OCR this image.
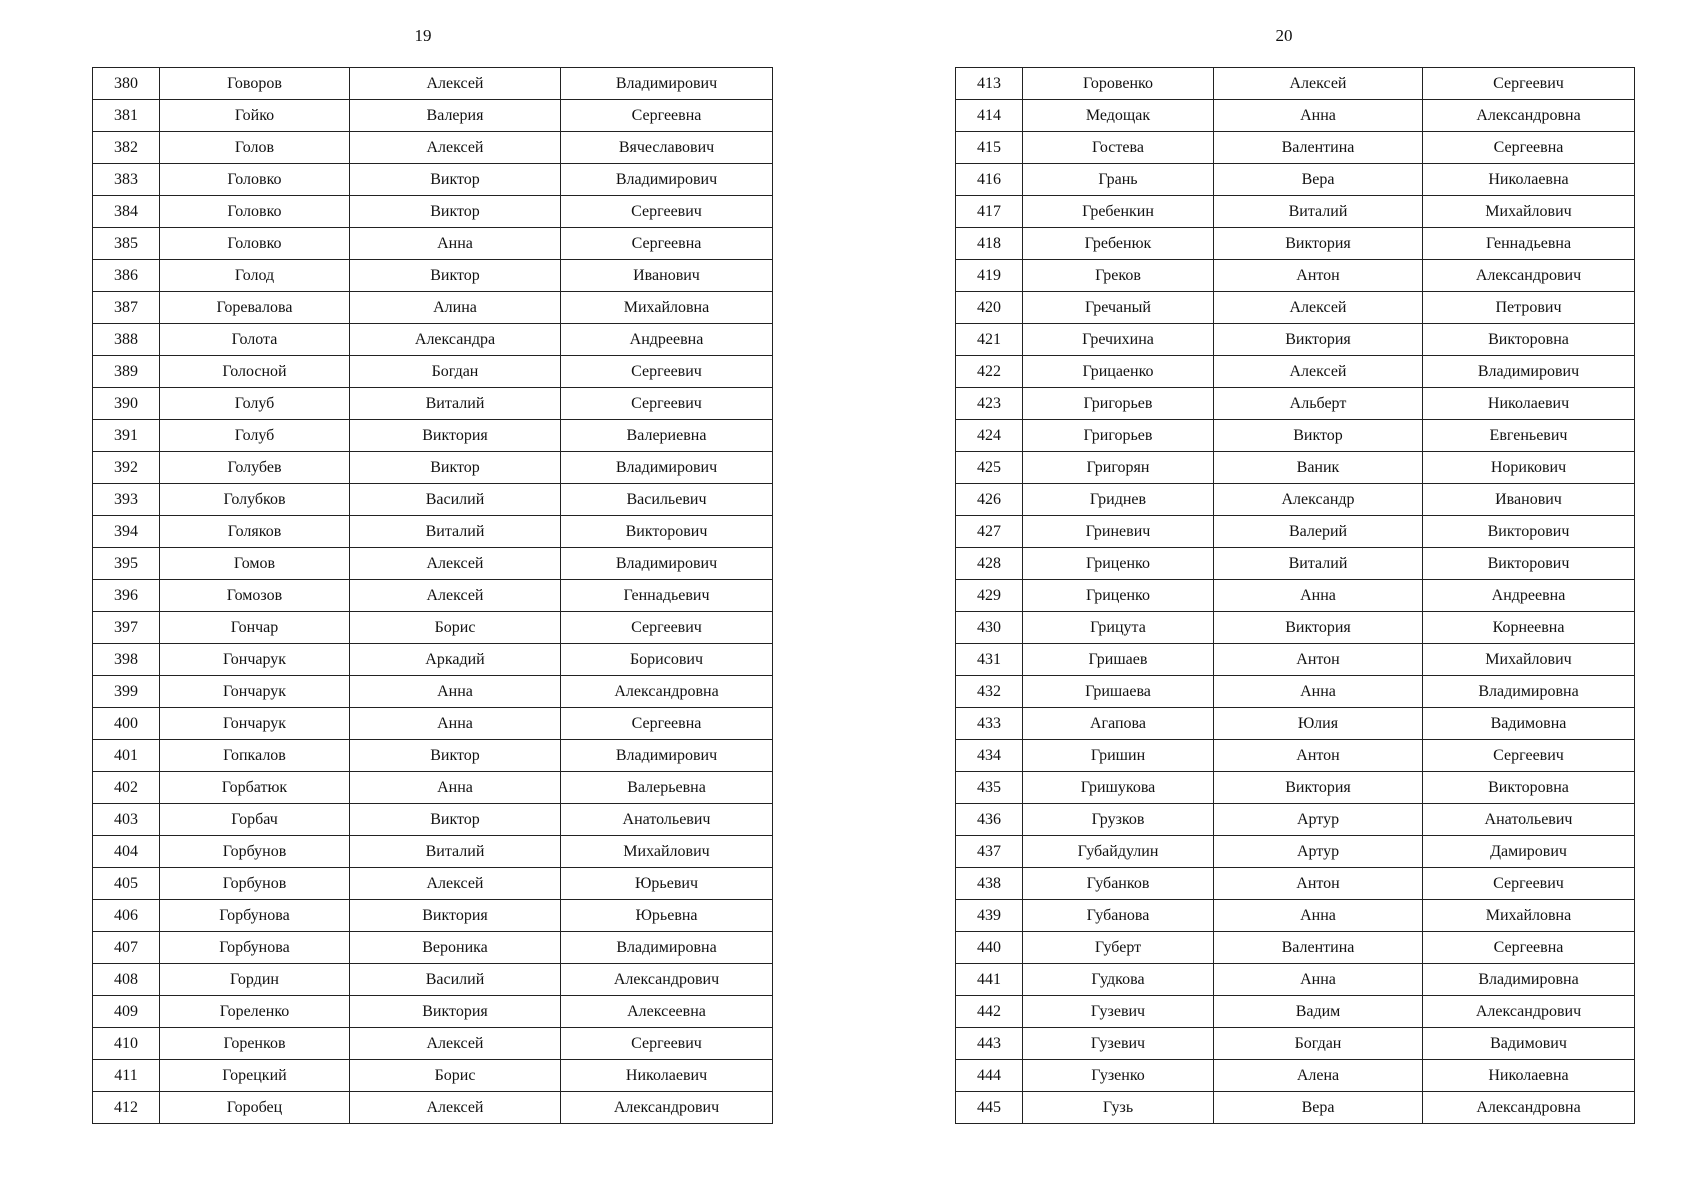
19
380	Говоров	Алексей	Владимирович
381	Гойко	Валерия	Сергеевна
382	Голов	Алексей	Вячеславович
383	Головко	Виктор	Владимирович
384	Головко	Виктор	Сергеевич
385	Головко	Анна	Сергеевна
386	Голод	Виктор	Иванович
387	Горевалова	Алина	Михайловна
388	Голота	Александра	Андреевна
389	Голосной	Богдан	Сергеевич
390	Голуб	Виталий	Сергеевич
391	Голуб	Виктория	Валериевна
392	Голубев	Виктор	Владимирович
393	Голубков	Василий	Васильевич
394	Голяков	Виталий	Викторович
395	Гомов	Алексей	Владимирович
396	Гомозов	Алексей	Геннадьевич
397	Гончар	Борис	Сергеевич
398	Гончарук	Аркадий	Борисович
399	Гончарук	Анна	Александровна
400	Гончарук	Анна	Сергеевна
401	Гопкалов	Виктор	Владимирович
402	Горбатюк	Анна	Валерьевна
403	Горбач	Виктор	Анатольевич
404	Горбунов	Виталий	Михайлович
405	Горбунов	Алексей	Юрьевич
406	Горбунова	Виктория	Юрьевна
407	Горбунова	Вероника	Владимировна
408	Гордин	Василий	Александрович
409	Гореленко	Виктория	Алексеевна
410	Горенков	Алексей	Сергеевич
411	Горецкий	Борис	Николаевич
412	Горобец	Алексей	Александрович
20
413	Горовенко	Алексей	Сергеевич
414	Медощак	Анна	Александровна
415	Гостева	Валентина	Сергеевна
416	Грань	Вера	Николаевна
417	Гребенкин	Виталий	Михайлович
418	Гребенюк	Виктория	Геннадьевна
419	Греков	Антон	Александрович
420	Гречаный	Алексей	Петрович
421	Гречихина	Виктория	Викторовна
422	Грицаенко	Алексей	Владимирович
423	Григорьев	Альберт	Николаевич
424	Григорьев	Виктор	Евгеньевич
425	Григорян	Ваник	Норикович
426	Гриднев	Александр	Иванович
427	Гриневич	Валерий	Викторович
428	Гриценко	Виталий	Викторович
429	Гриценко	Анна	Андреевна
430	Грицута	Виктория	Корнеевна
431	Гришаев	Антон	Михайлович
432	Гришаева	Анна	Владимировна
433	Агапова	Юлия	Вадимовна
434	Гришин	Антон	Сергеевич
435	Гришукова	Виктория	Викторовна
436	Грузков	Артур	Анатольевич
437	Губайдулин	Артур	Дамирович
438	Губанков	Антон	Сергеевич
439	Губанова	Анна	Михайловна
440	Губерт	Валентина	Сергеевна
441	Гудкова	Анна	Владимировна
442	Гузевич	Вадим	Александрович
443	Гузевич	Богдан	Вадимович
444	Гузенко	Алена	Николаевна
445	Гузь	Вера	Александровна
